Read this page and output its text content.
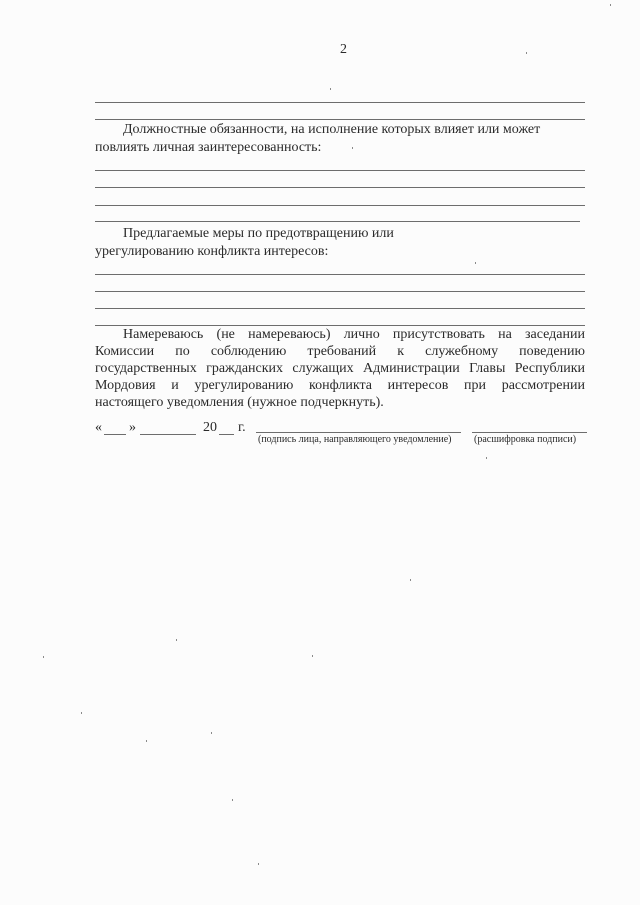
2
Должностные обязанности, на исполнение которых влияет или может
повлиять личная заинтересованность:
Предлагаемые меры по предотвращению или
урегулированию конфликта интересов:
Намереваюсь (не намереваюсь) лично присутствовать на заседании
Комиссии по соблюдению требований к служебному поведению
государственных гражданских служащих Администрации Главы Республики
Мордовия и урегулированию конфликта интересов при рассмотрении
настоящего уведомления (нужное подчеркнуть).
« »	20 г.
(подпись лица, направляющего уведомление) (расшифровка подписи)
